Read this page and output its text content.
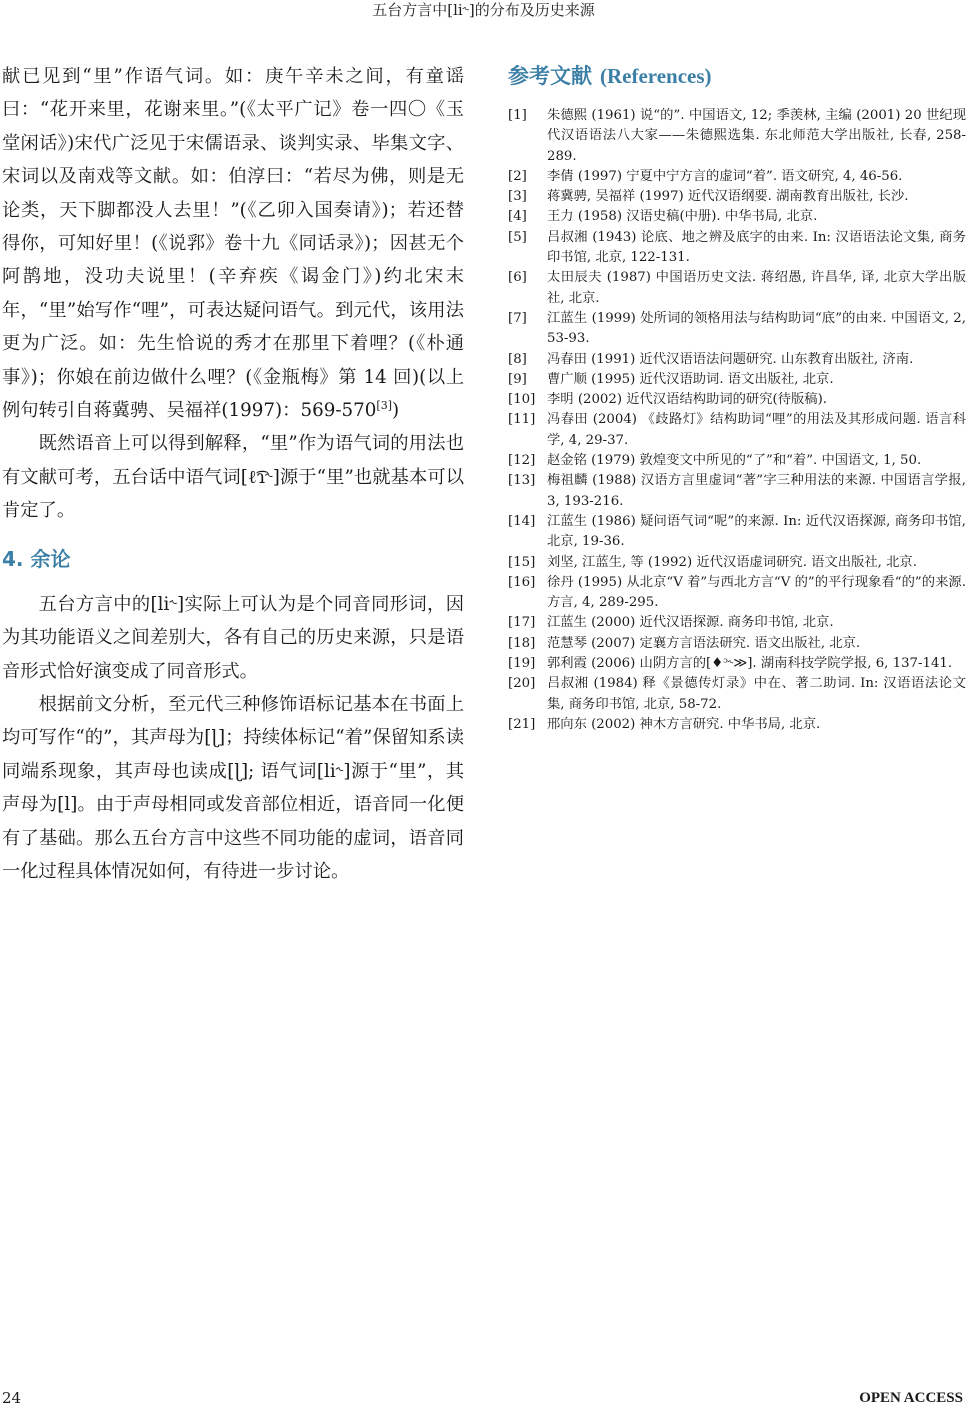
五台方言中[li˞]的分布及历史来源

献已见到“里”作语气词。如：庚午辛未之间，有童谣曰：“花开来里，花谢来里。”(《太平广记》卷一四〇《玉堂闲话》)宋代广泛见于宋儒语录、谈判实录、毕集文字、宋词以及南戏等文献。如：伯淳曰：“若尽为佛，则是无论类，天下脚都没人去里！”(《乙卯入国奏请》)；若还替得你，可知好里！(《说郛》卷十九《同话录》)；因甚无个阿鹊地，没功夫说里！(辛弃疾《谒金门》)约北宋末年，“里”始写作“哩”，可表达疑问语气。到元代，该用法更为广泛。如：先生恰说的秀才在那里下着哩？(《朴通事》)；你娘在前边做什么哩？(《金瓶梅》第 14 回)(以上例句转引自蒋冀骋、吴福祥(1997)：569-570[3])

既然语音上可以得到解释，“里”作为语气词的用法也有文献可考，五台话中语气词[ℓ͡ɿ˞]源于“里”也就基本可以肯定了。

4. 余论

五台方言中的[li˞]实际上可认为是个同音同形词，因为其功能语义之间差别大，各有自己的历史来源，只是语音形式恰好演变成了同音形式。

根据前文分析，至元代三种修饰语标记基本在书面上均可写作“的”，其声母为[ɭ]；持续体标记“着”保留知系读同端系现象，其声母也读成[ɭ]; 语气词[li˞]源于“里”，其声母为[l]。由于声母相同或发音部位相近，语音同一化便有了基础。那么五台方言中这些不同功能的虚词，语音同一化过程具体情况如何，有待进一步讨论。

参考文献 (References)
[1]	朱德熙 (1961) 说“的”. 中国语文, 12; 季羡林, 主编 (2001) 20 世纪现代汉语语法八大家——朱德熙选集. 东北师范大学出版社, 长春, 258-289.
[2]	李倩 (1997) 宁夏中宁方言的虚词“着”. 语文研究, 4, 46-56.
[3]	蒋冀骋, 吴福祥 (1997) 近代汉语纲要. 湖南教育出版社, 长沙.
[4]	王力 (1958) 汉语史稿(中册). 中华书局, 北京.
[5]	吕叔湘 (1943) 论底、地之辨及底字的由来. In: 汉语语法论文集, 商务印书馆, 北京, 122-131.
[6]	太田辰夫 (1987) 中国语历史文法. 蒋绍愚, 许昌华, 译, 北京大学出版社, 北京.
[7]	江蓝生 (1999) 处所词的领格用法与结构助词“底”的由来. 中国语文, 2, 53-93.
[8]	冯春田 (1991) 近代汉语语法问题研究. 山东教育出版社, 济南.
[9]	曹广顺 (1995) 近代汉语助词. 语文出版社, 北京.
[10] 李明 (2002) 近代汉语结构助词的研究(待版稿).
[11] 冯春田 (2004) 《歧路灯》结构助词“哩”的用法及其形成问题. 语言科学, 4, 29-37.
[12] 赵金铭 (1979) 敦煌变文中所见的“了”和“着”. 中国语文, 1, 50.
[13] 梅祖麟 (1988) 汉语方言里虚词“著”字三种用法的来源. 中国语言学报, 3, 193-216.
[14] 江蓝生 (1986) 疑问语气词“呢”的来源. In: 近代汉语探源, 商务印书馆, 北京, 19-36.
[15] 刘坚, 江蓝生, 等 (1992) 近代汉语虚词研究. 语文出版社, 北京.
[16] 徐丹 (1995) 从北京“V 着”与西北方言“V 的”的平行现象看“的”的来源. 方言, 4, 289-295.
[17] 江蓝生 (2000) 近代汉语探源. 商务印书馆, 北京.
[18] 范慧琴 (2007) 定襄方言语法研究. 语文出版社, 北京.
[19] 郭利霞 (2006) 山阴方言的[♦ᵓ˞≫]. 湖南科技学院学报, 6, 137-141.
[20] 吕叔湘 (1984) 释《景德传灯录》中在、著二助词. In: 汉语语法论文集, 商务印书馆, 北京, 58-72.
[21] 邢向东 (2002) 神木方言研究. 中华书局, 北京.
24	OPEN ACCESS
